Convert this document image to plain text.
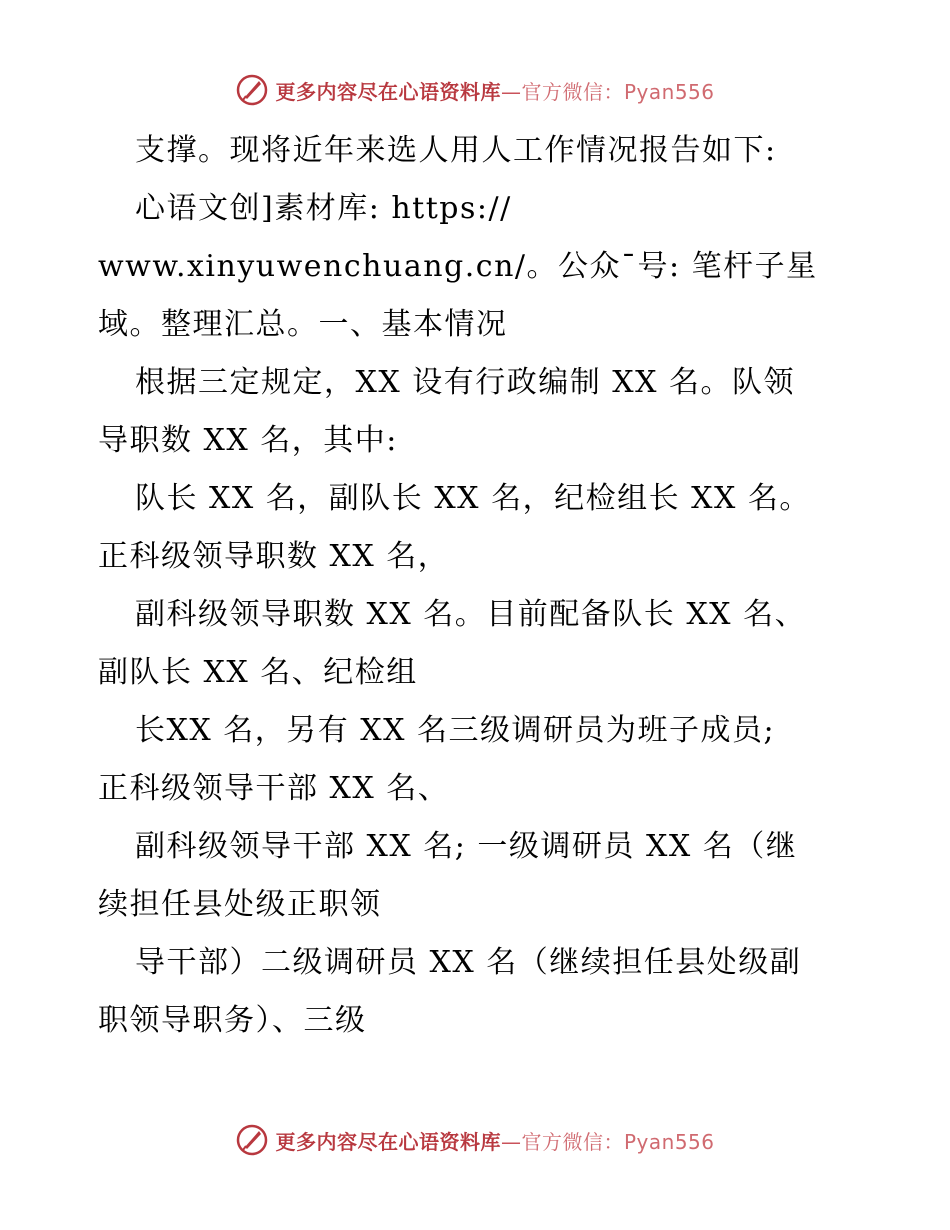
更多内容尽在心语资料库—官方微信：Pyan556
支撑。现将近年来选人用人工作情况报告如下:
心语文创]素材库: https://
www.xinyuwenchuang.cn/。公众¯号: 笔杆子星
域。整理汇总。一、基本情况
根据三定规定，XX 设有行政编制 XX 名。队领
导职数 XX 名，其中:
队长 XX 名，副队长 XX 名，纪检组长 XX 名。
正科级领导职数 XX 名，
副科级领导职数 XX 名。目前配备队长 XX 名、
副队长 XX 名、纪检组
长XX 名，另有 XX 名三级调研员为班子成员;
正科级领导干部 XX 名、
副科级领导干部 XX 名; 一级调研员 XX 名（继
续担任县处级正职领
导干部）二级调研员 XX 名（继续担任县处级副
职领导职务）、三级
更多内容尽在心语资料库—官方微信：Pyan556
